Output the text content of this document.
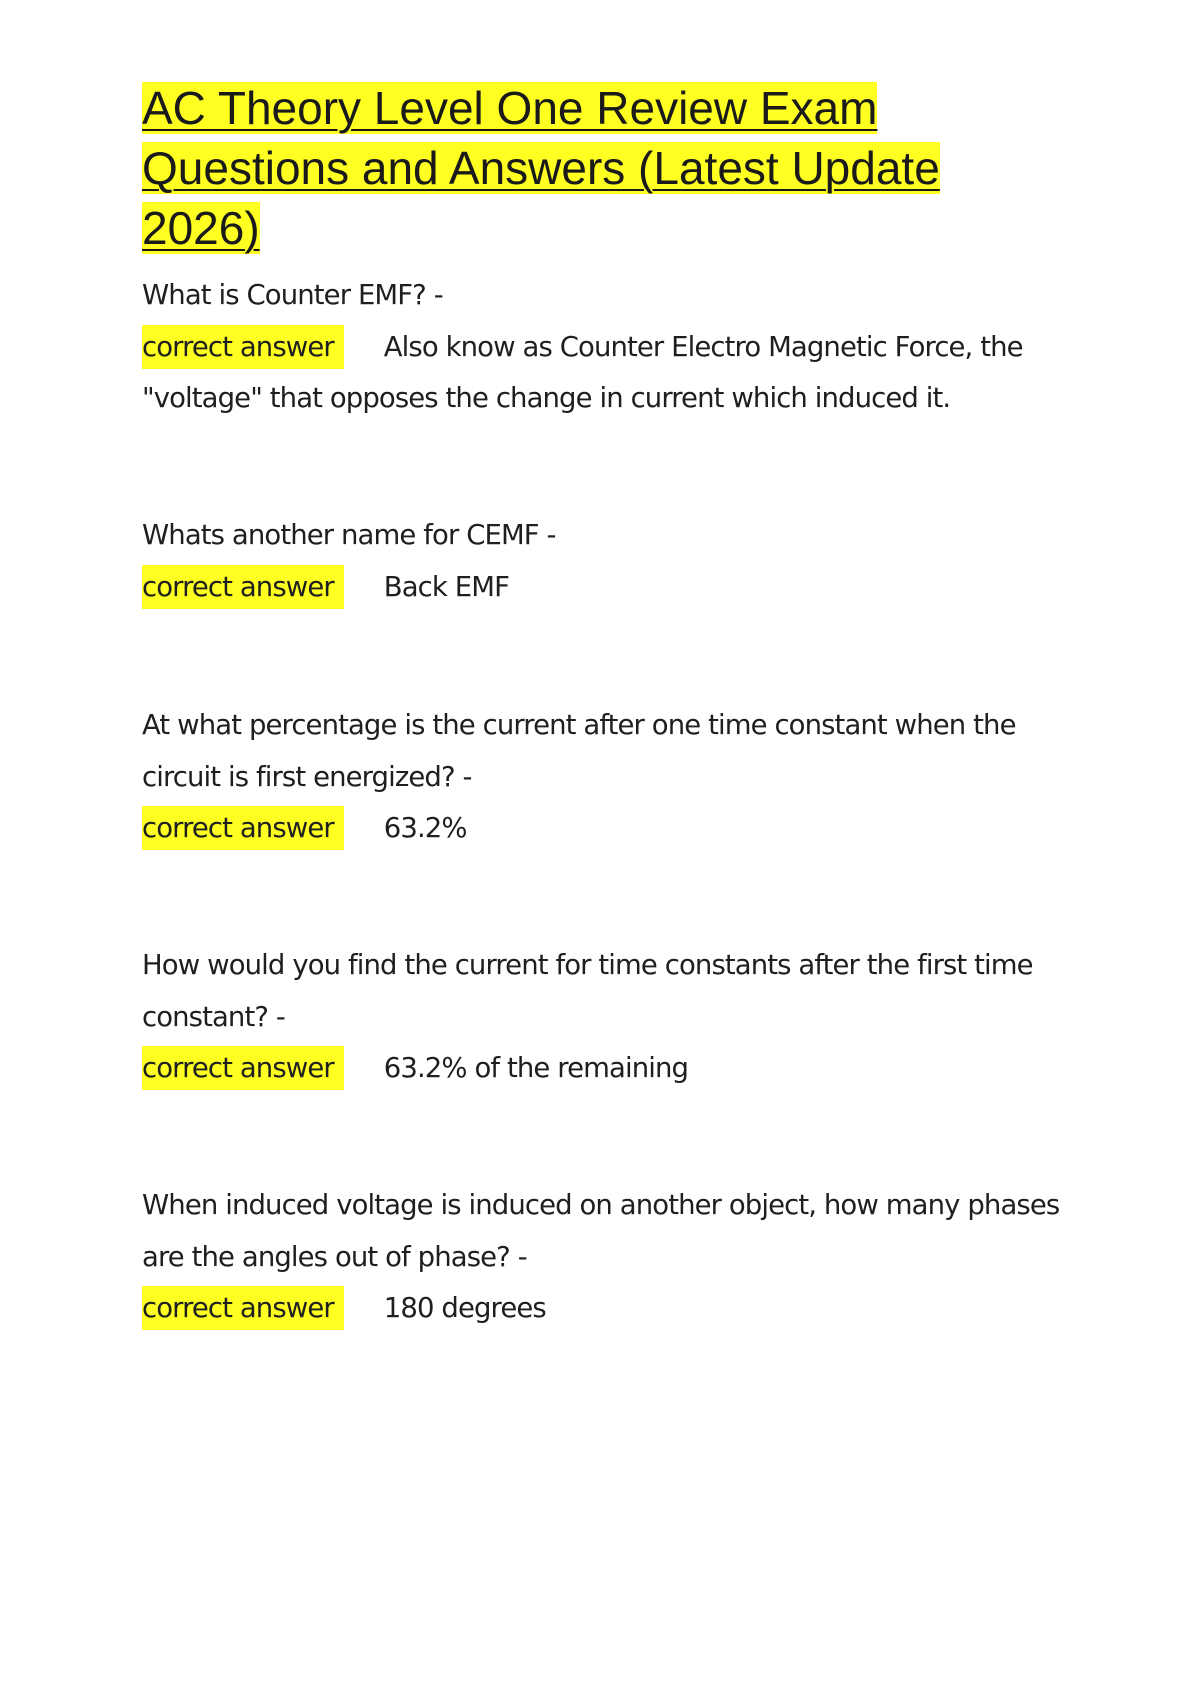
AC Theory Level One Review Exam Questions and Answers (Latest Update 2026)

What is Counter EMF? -

correct answer Also know as Counter Electro Magnetic Force, the "voltage" that opposes the change in current which induced it.

Whats another name for CEMF -

correct answer Back EMF

At what percentage is the current after one time constant when the circuit is first energized? -

correct answer 63.2%

How would you find the current for time constants after the first time constant? -

correct answer 63.2% of the remaining

When induced voltage is induced on another object, how many phases are the angles out of phase? -

correct answer 180 degrees
